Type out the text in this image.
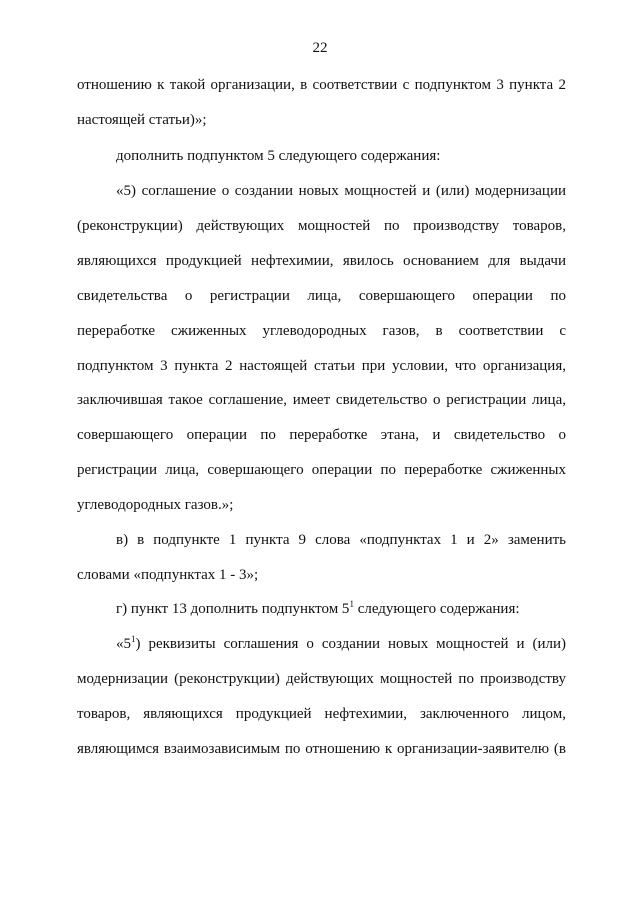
22
отношению к такой организации, в соответствии с подпунктом 3 пункта 2
настоящей статьи)»;
дополнить подпунктом 5 следующего содержания:
«5) соглашение о создании новых мощностей и (или) модернизации
(реконструкции) действующих мощностей по производству товаров,
являющихся продукцией нефтехимии, явилось основанием для выдачи
свидетельства о регистрации лица, совершающего операции по
переработке сжиженных углеводородных газов, в соответствии с
подпунктом 3 пункта 2 настоящей статьи при условии, что организация,
заключившая такое соглашение, имеет свидетельство о регистрации лица,
совершающего операции по переработке этана, и свидетельство о
регистрации лица, совершающего операции по переработке сжиженных
углеводородных газов.»;
в) в подпункте 1 пункта 9 слова «подпунктах 1 и 2» заменить
словами «подпунктах 1 - 3»;
г) пункт 13 дополнить подпунктом $5^1$ следующего содержания:
«$5^1$) реквизиты соглашения о создании новых мощностей и (или)
модернизации (реконструкции) действующих мощностей по производству
товаров, являющихся продукцией нефтехимии, заключенного лицом,
являющимся взаимозависимым по отношению к организации-заявителю (в
